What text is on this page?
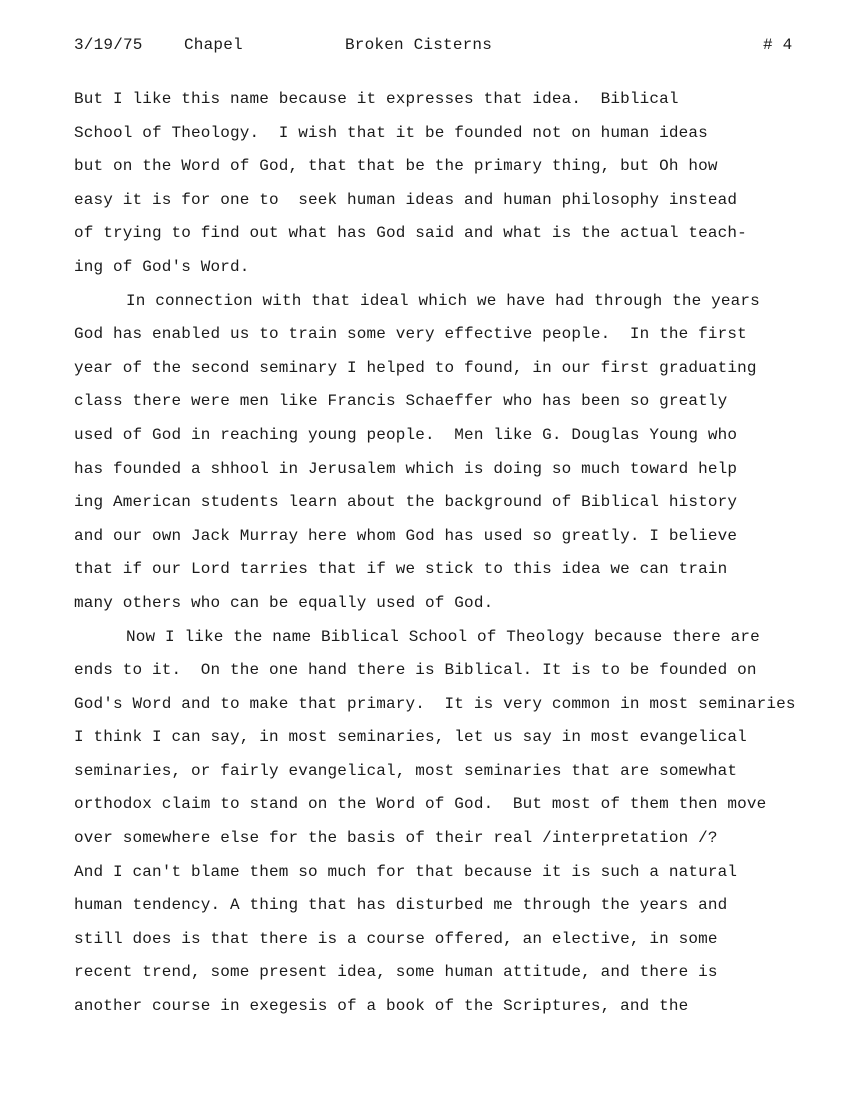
3/19/75	Chapel	Broken Cisterns	# 4
But I like this name because it expresses that idea.  Biblical
School of Theology.  I wish that it be founded not on human ideas
but on the Word of God, that that be the primary thing, but Oh how
easy it is for one to  seek human ideas and human philosophy instead
of trying to find out what has God said and what is the actual teach-
ing of God's Word.
In connection with that ideal which we have had through the years
God has enabled us to train some very effective people.  In the first
year of the second seminary I helped to found, in our first graduating
class there were men like Francis Schaeffer who has been so greatly
used of God in reaching young people.  Men like G. Douglas Young who
has founded a shhool in Jerusalem which is doing so much toward help
ing American students learn about the background of Biblical history
and our own Jack Murray here whom God has used so greatly. I believe
that if our Lord tarries that if we stick to this idea we can train
many others who can be equally used of God.
Now I like the name Biblical School of Theology because there are
ends to it.  On the one hand there is Biblical. It is to be founded on
God's Word and to make that primary.  It is very common in most seminaries
I think I can say, in most seminaries, let us say in most evangelical
seminaries, or fairly evangelical, most seminaries that are somewhat
orthodox claim to stand on the Word of God.  But most of them then move
over somewhere else for the basis of their real /interpretation /?
And I can't blame them so much for that because it is such a natural
human tendency. A thing that has disturbed me through the years and
still does is that there is a course offered, an elective, in some
recent trend, some present idea, some human attitude, and there is
another course in exegesis of a book of the Scriptures, and the
